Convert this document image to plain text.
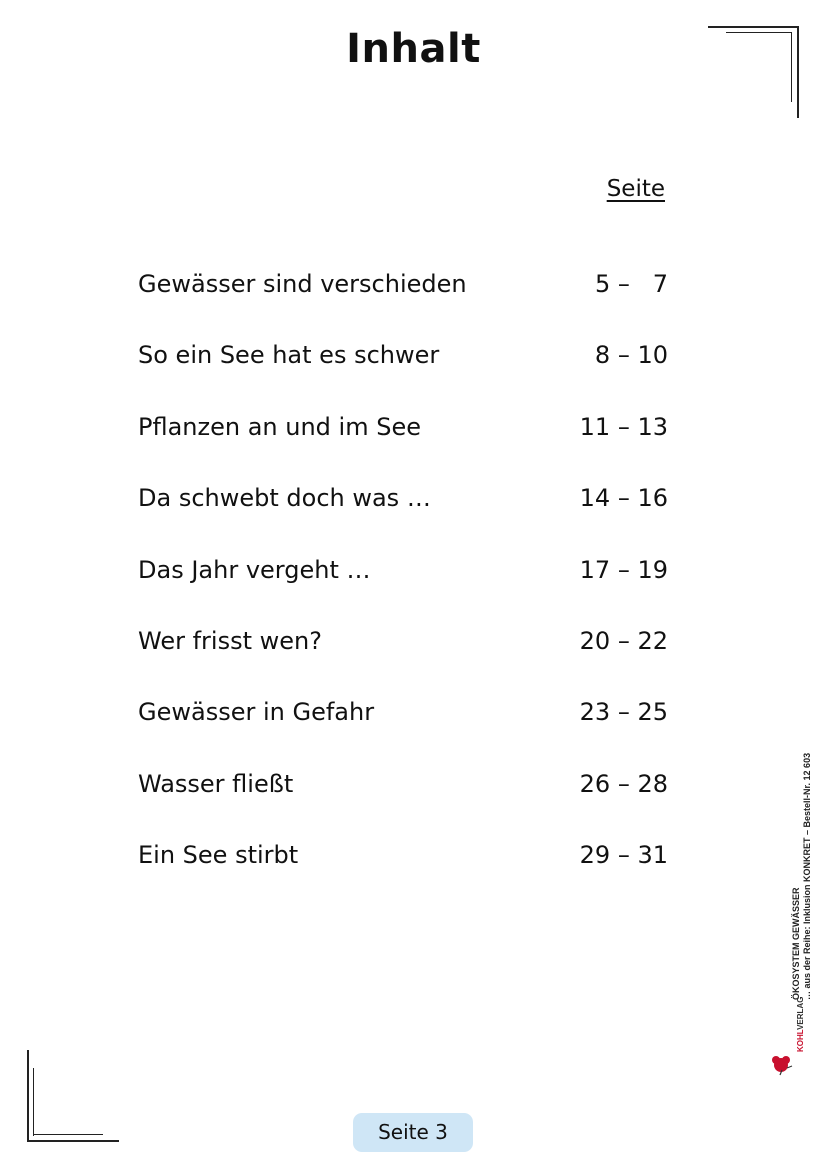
Inhalt
Seite
Gewässer sind verschieden	5 –   7
So ein See hat es schwer	8 – 10
Pflanzen an und im See	11 – 13
Da schwebt doch was …	14 – 16
Das Jahr vergeht …	17 – 19
Wer frisst wen?	20 – 22
Gewässer in Gefahr	23 – 25
Wasser fließt	26 – 28
Ein See stirbt	29 – 31
ÖKOSYSTEM GEWÄSSER … aus der Reihe: Inklusion KONKRET – Bestell-Nr. 12 603
KOHLVERLAG
Seite 3
